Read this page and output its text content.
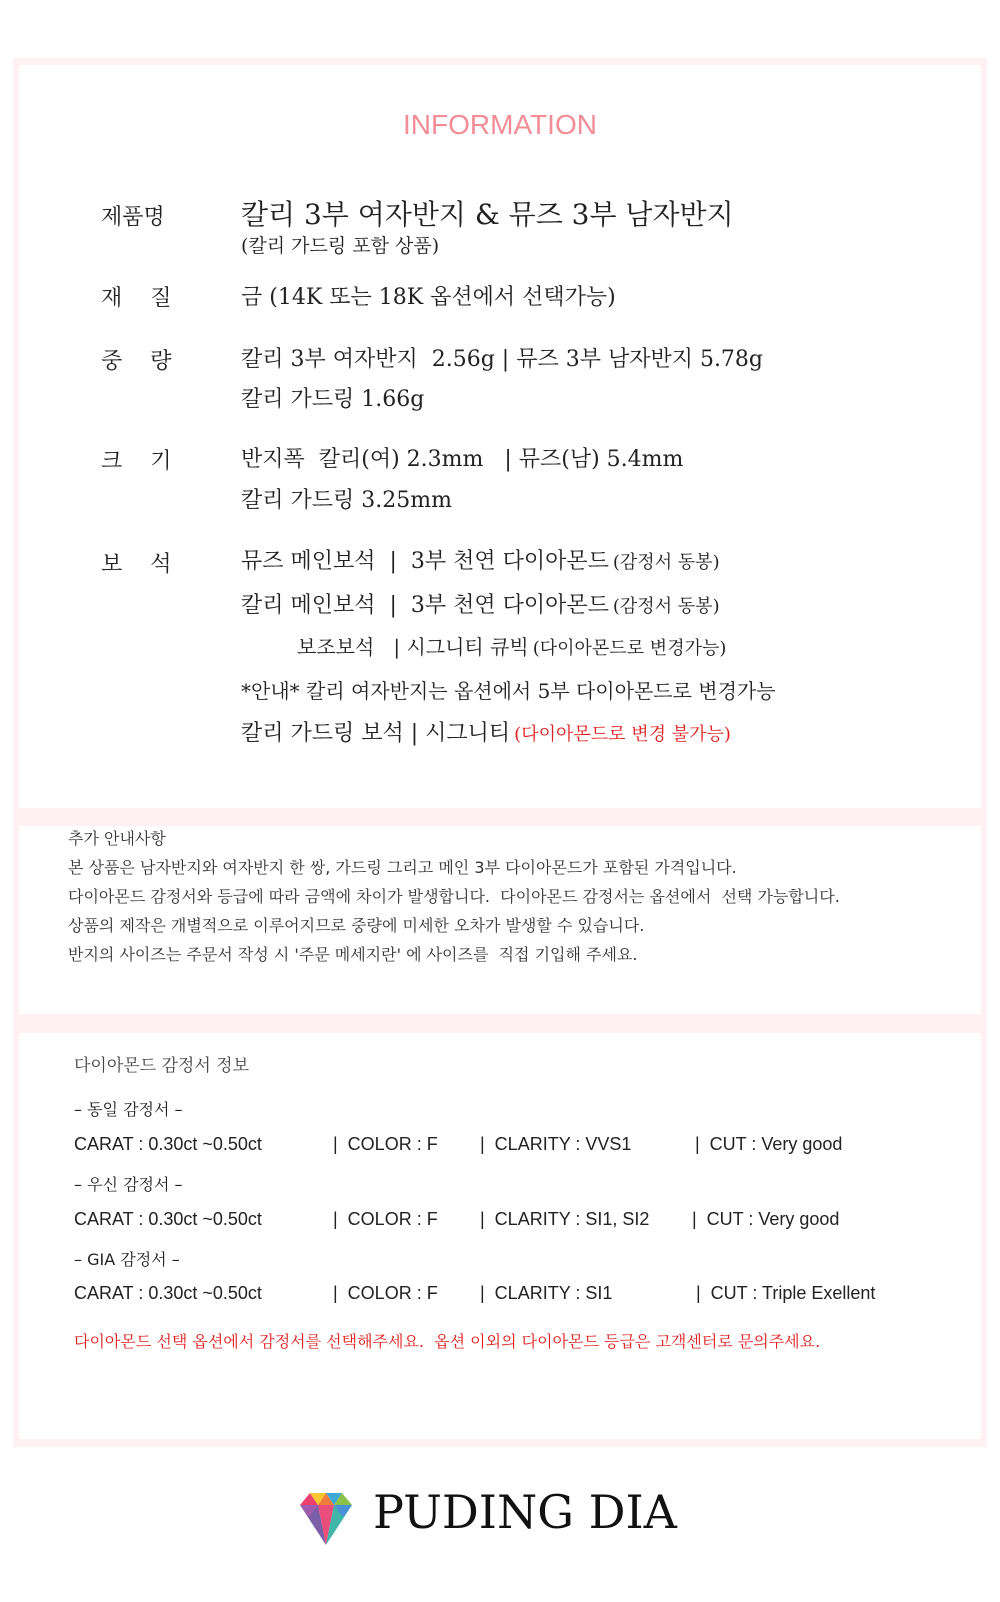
INFORMATION
제품명	칼리 3부 여자반지 & 뮤즈 3부 남자반지
(칼리 가드링 포함 상품)
재    질	금 (14K 또는 18K 옵션에서 선택가능)
중    량	칼리 3부 여자반지  2.56g | 뮤즈 3부 남자반지 5.78g
칼리 가드링 1.66g
크    기	반지폭  칼리(여) 2.3mm   | 뮤즈(남) 5.4mm
칼리 가드링 3.25mm
보    석	뮤즈 메인보석  |  3부 천연 다이아몬드 (감정서 동봉)
칼리 메인보석  |  3부 천연 다이아몬드 (감정서 동봉)
보조보석   | 시그니티 큐빅 (다이아몬드로 변경가능)
*안내* 칼리 여자반지는 옵션에서 5부 다이아몬드로 변경가능
칼리 가드링 보석 | 시그니티 (다이아몬드로 변경 불가능)
추가 안내사항
본 상품은 남자반지와 여자반지 한 쌍, 가드링 그리고 메인 3부 다이아몬드가 포함된 가격입니다.
다이아몬드 감정서와 등급에 따라 금액에 차이가 발생합니다.  다이아몬드 감정서는 옵션에서  선택 가능합니다.
상품의 제작은 개별적으로 이루어지므로 중량에 미세한 오차가 발생할 수 있습니다.
반지의 사이즈는 주문서 작성 시 '주문 메세지란' 에 사이즈를  직접 기입해 주세요.
다이아몬드 감정서 정보
– 동일 감정서 –
CARAT : 0.30ct ~0.50ct	|  COLOR : F |  CLARITY : VVS1	|  CUT : Very good
– 우신 감정서 –
CARAT : 0.30ct ~0.50ct	|  COLOR : F |  CLARITY : SI1, SI2 |  CUT : Very good
– GIA 감정서 –
CARAT : 0.30ct ~0.50ct	|  COLOR : F |  CLARITY : SI1	|  CUT : Triple Exellent
다이아몬드 선택 옵션에서 감정서를 선택해주세요.  옵션 이외의 다이아몬드 등급은 고객센터로 문의주세요.
PUDING DIA
